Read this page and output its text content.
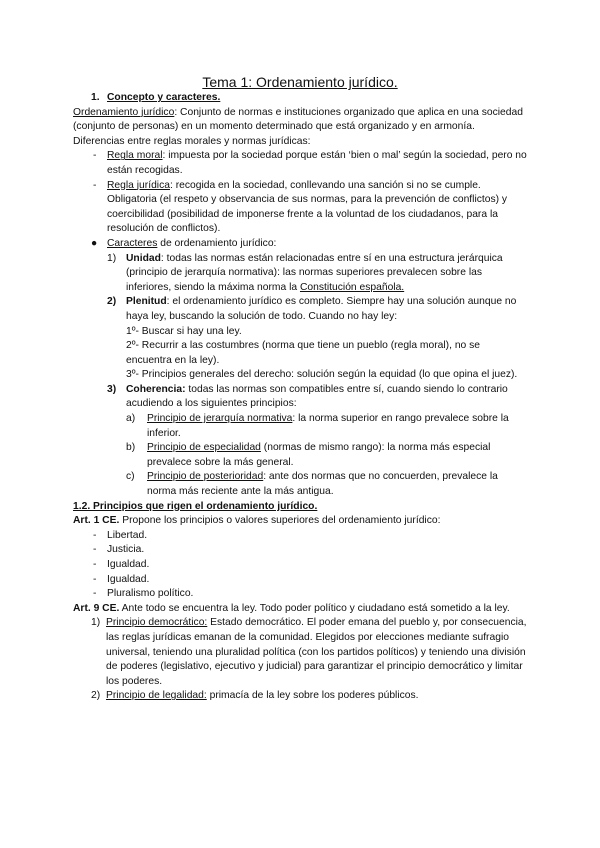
Tema 1: Ordenamiento jurídico.
1. Concepto y caracteres.

Ordenamiento jurídico: Conjunto de normas e instituciones organizado que aplica en una sociedad (conjunto de personas) en un momento determinado que está organizado y en armonía.

Diferencias entre reglas morales y normas jurídicas:

-	Regla moral: impuesta por la sociedad porque están ‘bien o mal’ según la sociedad, pero no están recogidas.
-	Regla jurídica: recogida en la sociedad, conllevando una sanción si no se cumple. Obligatoria (el respeto y observancia de sus normas, para la prevención de conflictos) y coercibilidad (posibilidad de imponerse frente a la voluntad de los ciudadanos, para la resolución de conflictos).
● Caracteres de ordenamiento jurídico:
1) Unidad: todas las normas están relacionadas entre sí en una estructura jerárquica (principio de jerarquía normativa): las normas superiores prevalecen sobre las inferiores, siendo la máxima norma la Constitución española.
2) Plenitud: el ordenamiento jurídico es completo. Siempre hay una solución aunque no haya ley, buscando la solución de todo. Cuando no hay ley:
1º- Buscar si hay una ley.
2º- Recurrir a las costumbres (norma que tiene un pueblo (regla moral), no se encuentra en la ley).
3º- Principios generales del derecho: solución según la equidad (lo que opina el juez).
3) Coherencia: todas las normas son compatibles entre sí, cuando siendo lo contrario acudiendo a los siguientes principios:
a)	Principio de jerarquía normativa: la norma superior en rango prevalece sobre la inferior.
b)	Principio de especialidad (normas de mismo rango): la norma más especial prevalece sobre la más general.
c)	Principio de posterioridad: ante dos normas que no concuerden, prevalece la norma más reciente ante la más antigua.

1.2. Principios que rigen el ordenamiento jurídico.

Art. 1 CE. Propone los principios o valores superiores del ordenamiento jurídico:

-	Libertad.
-	Justicia.
-	Igualdad.
-	Igualdad.
-	Pluralismo político.

Art. 9 CE. Ante todo se encuentra la ley. Todo poder político y ciudadano está sometido a la ley.

1) Principio democrático: Estado democrático. El poder emana del pueblo y, por consecuencia, las reglas jurídicas emanan de la comunidad. Elegidos por elecciones mediante sufragio universal, teniendo una pluralidad política (con los partidos políticos) y teniendo una división de poderes (legislativo, ejecutivo y judicial) para garantizar el principio democrático y limitar los poderes.
2) Principio de legalidad: primacía de la ley sobre los poderes públicos.
